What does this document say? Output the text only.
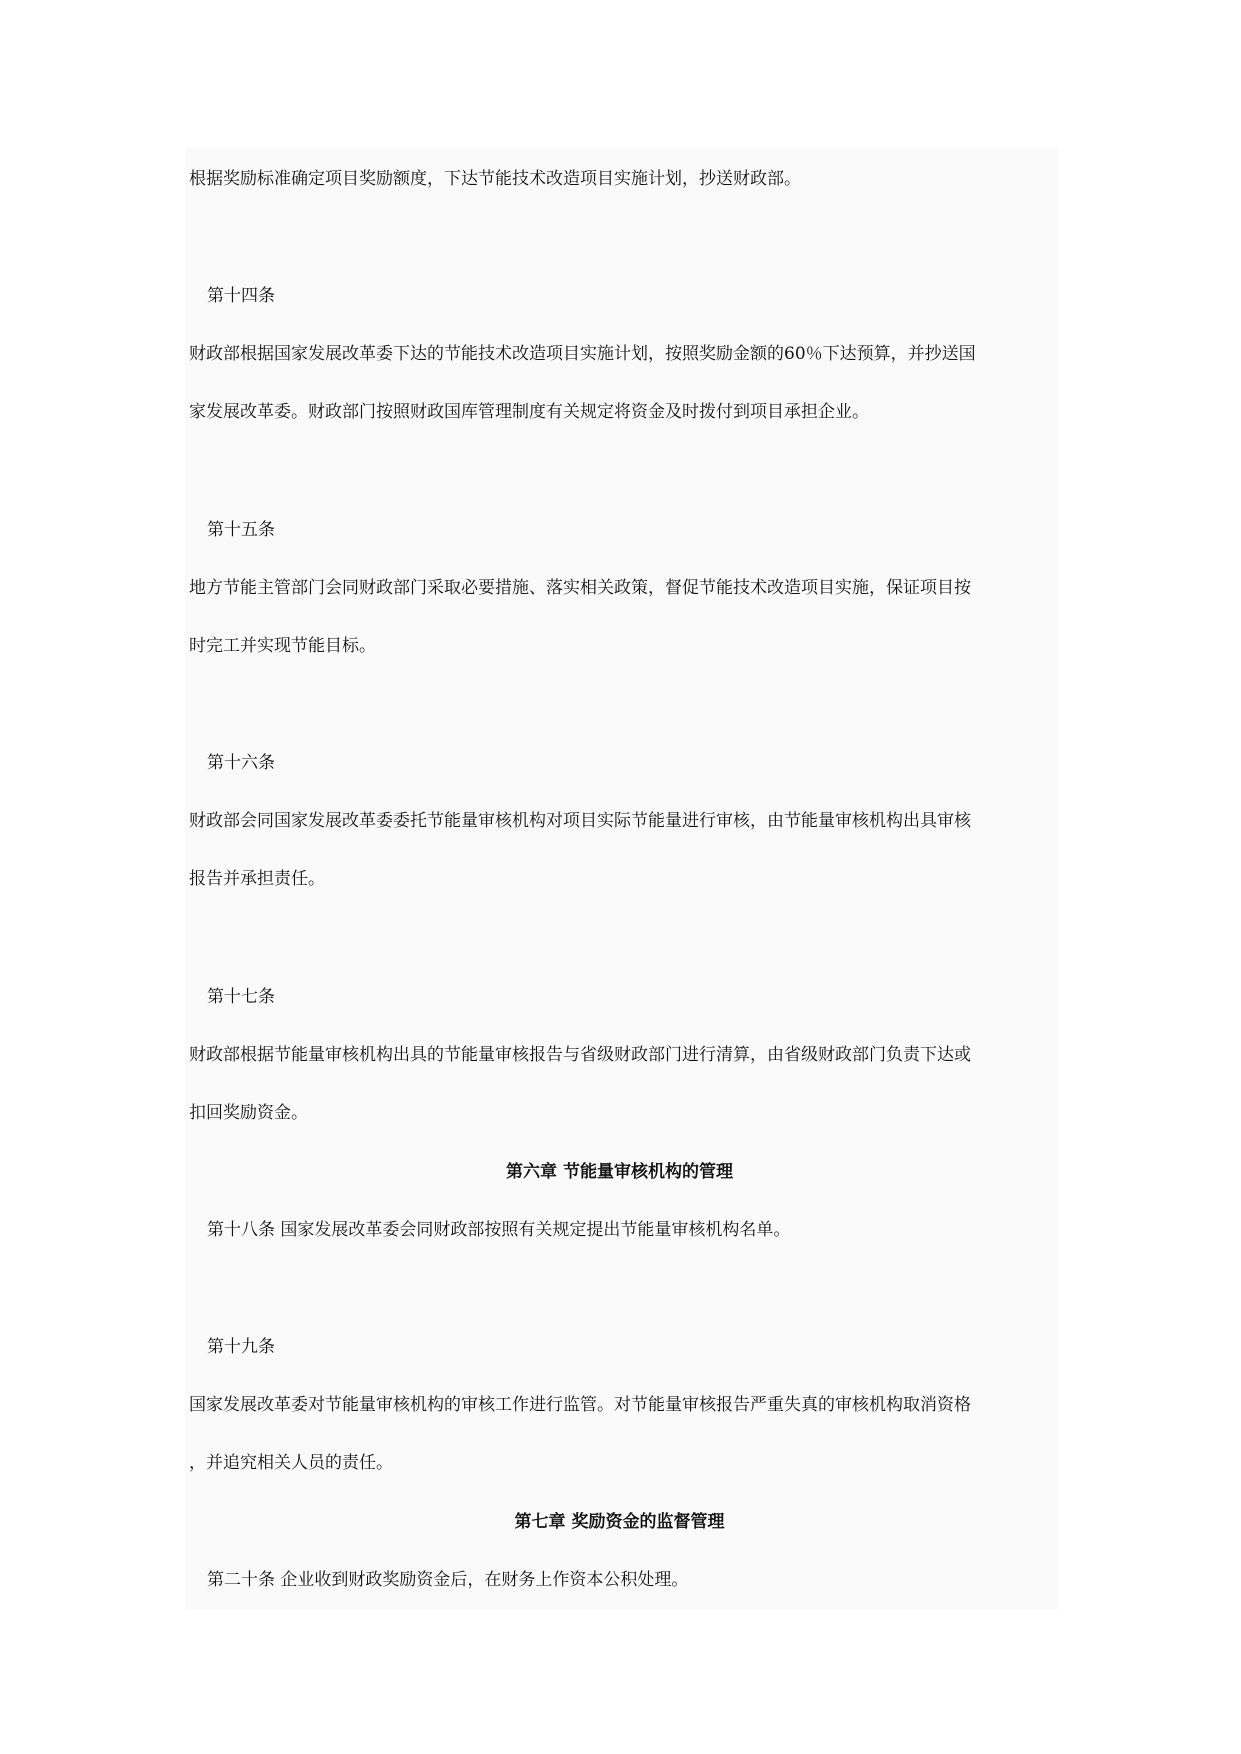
根据奖励标准确定项目奖励额度，下达节能技术改造项目实施计划，抄送财政部。

第十四条

财政部根据国家发展改革委下达的节能技术改造项目实施计划，按照奖励金额的60％下达预算，并抄送国

家发展改革委。财政部门按照财政国库管理制度有关规定将资金及时拨付到项目承担企业。

第十五条

地方节能主管部门会同财政部门采取必要措施、落实相关政策，督促节能技术改造项目实施，保证项目按

时完工并实现节能目标。

第十六条

财政部会同国家发展改革委委托节能量审核机构对项目实际节能量进行审核，由节能量审核机构出具审核

报告并承担责任。

第十七条

财政部根据节能量审核机构出具的节能量审核报告与省级财政部门进行清算，由省级财政部门负责下达或

扣回奖励资金。

第六章 节能量审核机构的管理

第十八条 国家发展改革委会同财政部按照有关规定提出节能量审核机构名单。

第十九条

国家发展改革委对节能量审核机构的审核工作进行监管。对节能量审核报告严重失真的审核机构取消资格

，并追究相关人员的责任。

第七章 奖励资金的监督管理

第二十条 企业收到财政奖励资金后，在财务上作资本公积处理。
